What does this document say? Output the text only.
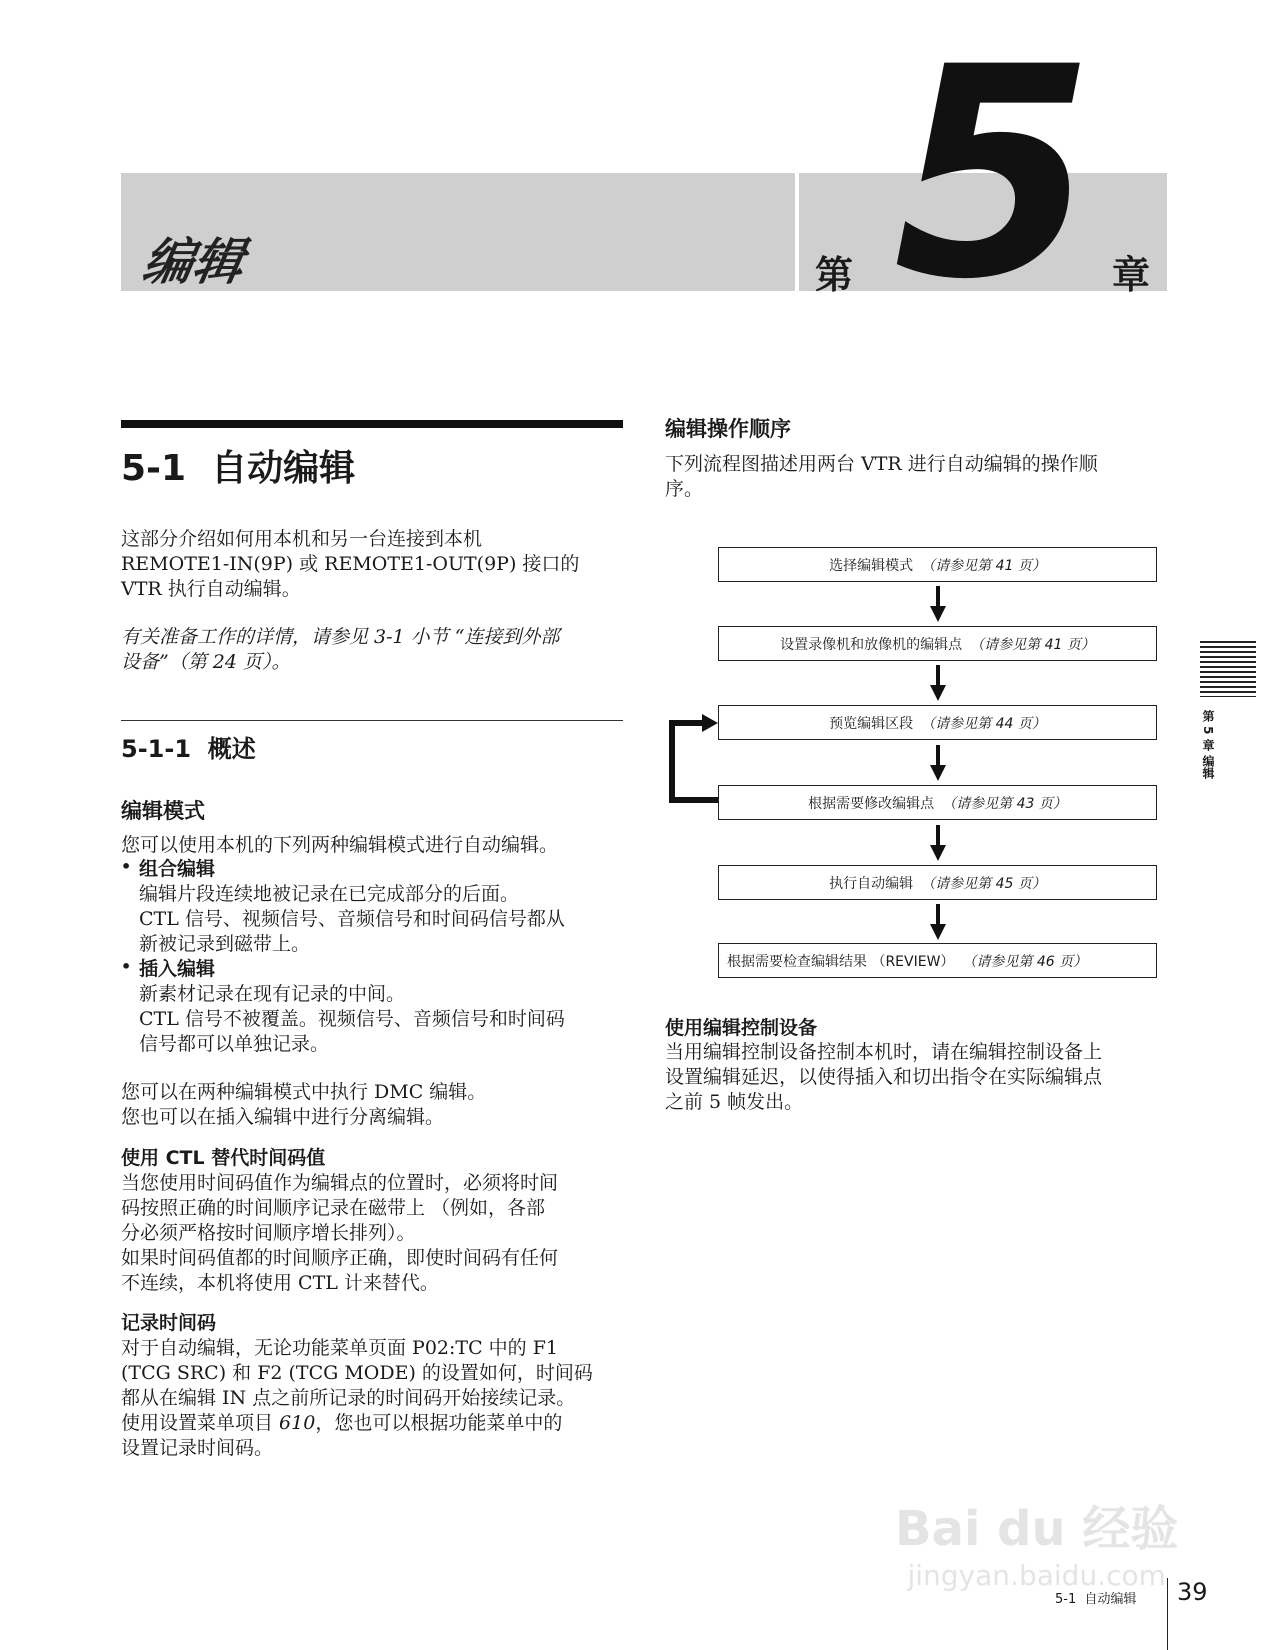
编辑	第 5 章
5-1  自动编辑
这部分介绍如何用本机和另一台连接到本机
REMOTE1-IN(9P) 或 REMOTE1-OUT(9P) 接口的
VTR 执行自动编辑。
有关准备工作的详情，请参见 3-1 小节 “连接到外部
设备”（第 24 页）。
5-1-1  概述
编辑模式
您可以使用本机的下列两种编辑模式进行自动编辑。
• 组合编辑
编辑片段连续地被记录在已完成部分的后面。
CTL 信号、视频信号、音频信号和时间码信号都从
新被记录到磁带上。
• 插入编辑
新素材记录在现有记录的中间。
CTL 信号不被覆盖。视频信号、音频信号和时间码
信号都可以单独记录。
您可以在两种编辑模式中执行 DMC 编辑。
您也可以在插入编辑中进行分离编辑。
使用 CTL 替代时间码值
当您使用时间码值作为编辑点的位置时，必须将时间
码按照正确的时间顺序记录在磁带上 （例如，各部
分必须严格按时间顺序增长排列）。
如果时间码值都的时间顺序正确，即使时间码有任何
不连续，本机将使用 CTL 计来替代。
记录时间码
对于自动编辑，无论功能菜单页面 P02:TC 中的 F1
(TCG SRC) 和 F2 (TCG MODE) 的设置如何，时间码
都从在编辑 IN 点之前所记录的时间码开始接续记录。
使用设置菜单项目 610，您也可以根据功能菜单中的
设置记录时间码。
编辑操作顺序
下列流程图描述用两台 VTR 进行自动编辑的操作顺
序。
选择编辑模式 （请参见第 41 页）
设置录像机和放像机的编辑点 （请参见第 41 页）
预览编辑区段 （请参见第 44 页）
根据需要修改编辑点 （请参见第 43 页）
执行自动编辑 （请参见第 45 页）
根据需要检查编辑结果 （REVIEW） （请参见第 46 页）
使用编辑控制设备
当用编辑控制设备控制本机时，请在编辑控制设备上
设置编辑延迟，以使得插入和切出指令在实际编辑点
之前 5 帧发出。
第 5 章 编辑
Bai du 经验
jingyan.baidu.com
5-1  自动编辑 39
